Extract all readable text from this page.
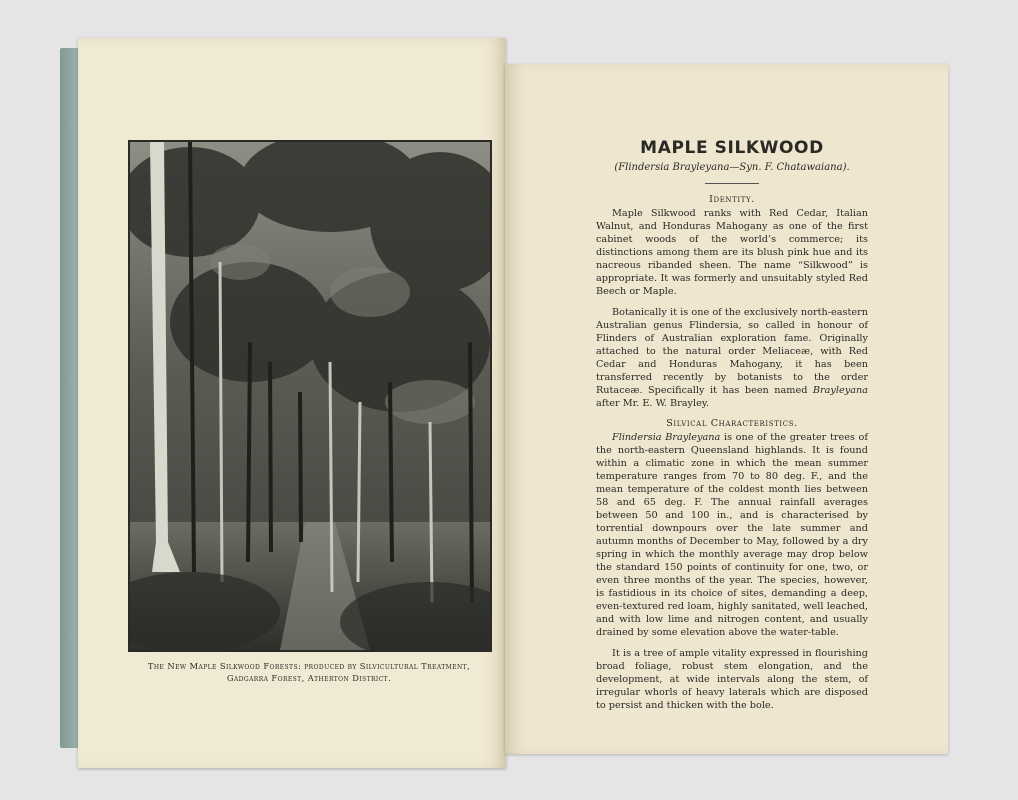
The New Maple Silkwood Forests: produced by Silvicultural Treatment,
Gadgarra Forest, Atherton District.
MAPLE SILKWOOD
(Flindersia Brayleyana—Syn. F. Chatawaiana).
Identity.

Maple Silkwood ranks with Red Cedar, Italian Walnut, and Honduras Mahogany as one of the first cabinet woods of the world’s commerce; its distinctions among them are its blush pink hue and its nacreous ribanded sheen. The name “Silkwood” is appropriate. It was formerly and unsuitably styled Red Beech or Maple.

Botanically it is one of the exclusively north-eastern Australian genus Flindersia, so called in honour of Flinders of Australian exploration fame. Originally attached to the natural order Meliaceæ, with Red Cedar and Honduras Mahogany, it has been transferred recently by botanists to the order Rutaceæ. Specifically it has been named Brayleyana after Mr. E. W. Brayley.

Silvical Characteristics.

Flindersia Brayleyana is one of the greater trees of the north-eastern Queensland highlands. It is found within a climatic zone in which the mean summer temperature ranges from 70 to 80 deg. F., and the mean temperature of the coldest month lies between 58 and 65 deg. F. The annual rainfall averages between 50 and 100 in., and is characterised by torrential downpours over the late summer and autumn months of December to May, followed by a dry spring in which the monthly average may drop below the standard 150 points of continuity for one, two, or even three months of the year. The species, however, is fastidious in its choice of sites, demanding a deep, even-textured red loam, highly sanitated, well leached, and with low lime and nitrogen content, and usually drained by some elevation above the water-table.

It is a tree of ample vitality expressed in flourishing broad foliage, robust stem elongation, and the development, at wide intervals along the stem, of irregular whorls of heavy laterals which are disposed to persist and thicken with the bole.
